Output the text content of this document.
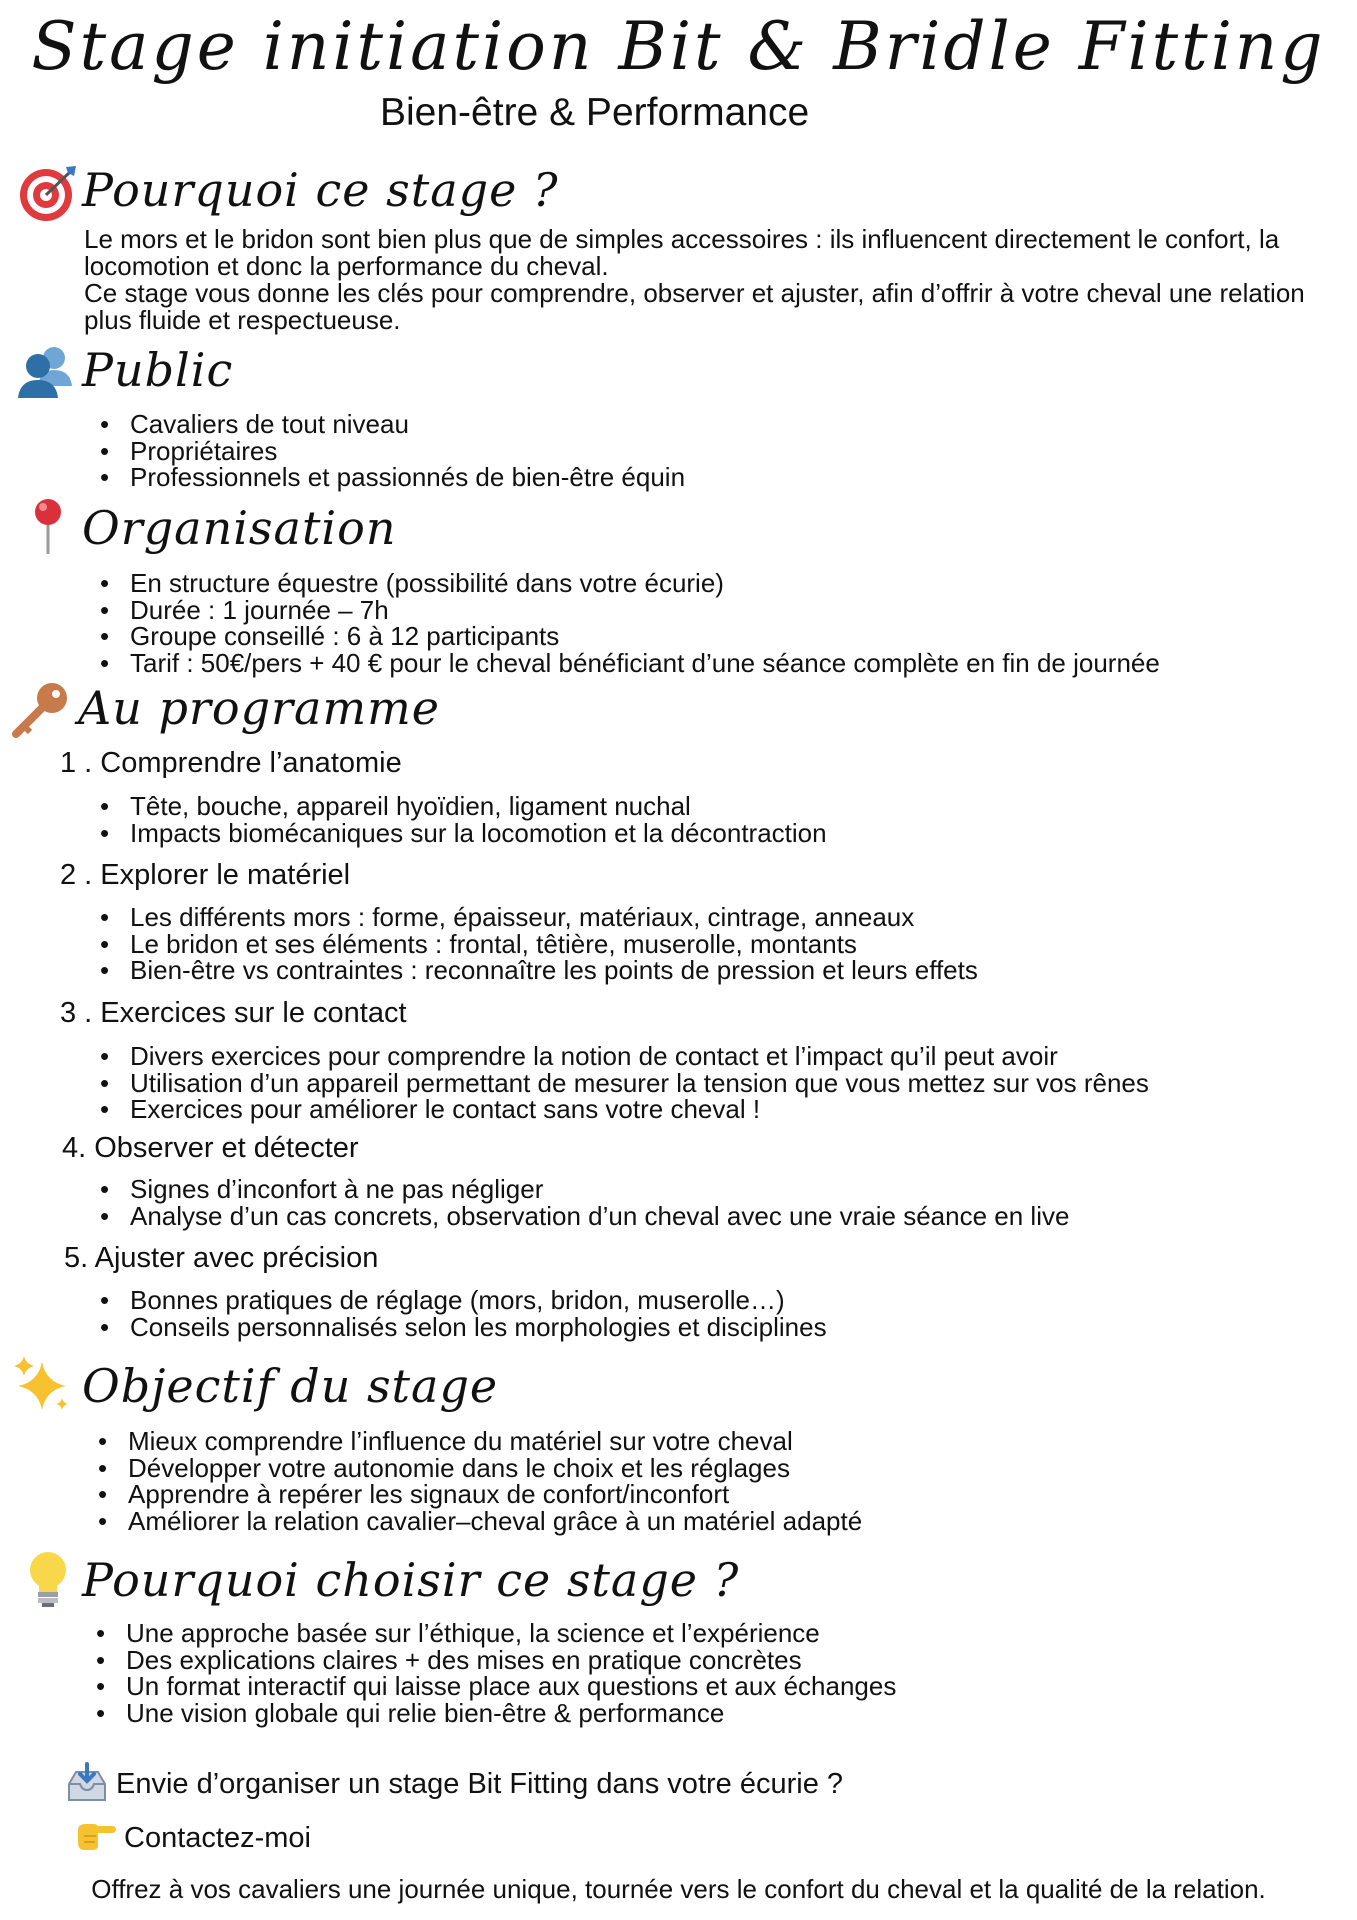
Stage initiation Bit & Bridle Fitting
Bien-être & Performance
Pourquoi ce stage ?
Le mors et le bridon sont bien plus que de simples accessoires : ils influencent directement le confort, la locomotion et donc la performance du cheval.
Ce stage vous donne les clés pour comprendre, observer et ajuster, afin d’offrir à votre cheval une relation plus fluide et respectueuse.
Public
• Cavaliers de tout niveau
• Propriétaires
• Professionnels et passionnés de bien-être équin
Organisation
• En structure équestre (possibilité dans votre écurie)
• Durée : 1 journée – 7h
• Groupe conseillé : 6 à 12 participants
• Tarif : 50€/pers + 40 € pour le cheval bénéficiant d’une séance complète en fin de journée
Au programme
1 . Comprendre l’anatomie
• Tête, bouche, appareil hyoïdien, ligament nuchal
• Impacts biomécaniques sur la locomotion et la décontraction
2 . Explorer le matériel
• Les différents mors : forme, épaisseur, matériaux, cintrage, anneaux
• Le bridon et ses éléments : frontal, têtière, muserolle, montants
• Bien-être vs contraintes : reconnaître les points de pression et leurs effets
3 . Exercices sur le contact
• Divers exercices pour comprendre la notion de contact et l’impact qu’il peut avoir
• Utilisation d’un appareil permettant de mesurer la tension que vous mettez sur vos rênes
• Exercices pour améliorer le contact sans votre cheval !
4. Observer et détecter
• Signes d’inconfort à ne pas négliger
• Analyse d’un cas concrets, observation d’un cheval avec une vraie séance en live
5. Ajuster avec précision
• Bonnes pratiques de réglage (mors, bridon, muserolle…)
• Conseils personnalisés selon les morphologies et disciplines
Objectif du stage
• Mieux comprendre l’influence du matériel sur votre cheval
• Développer votre autonomie dans le choix et les réglages
• Apprendre à repérer les signaux de confort/inconfort
• Améliorer la relation cavalier–cheval grâce à un matériel adapté
Pourquoi choisir ce stage ?
• Une approche basée sur l’éthique, la science et l’expérience
• Des explications claires + des mises en pratique concrètes
• Un format interactif qui laisse place aux questions et aux échanges
• Une vision globale qui relie bien-être & performance
Envie d’organiser un stage Bit Fitting dans votre écurie ?
Contactez-moi
Offrez à vos cavaliers une journée unique, tournée vers le confort du cheval et la qualité de la relation.
